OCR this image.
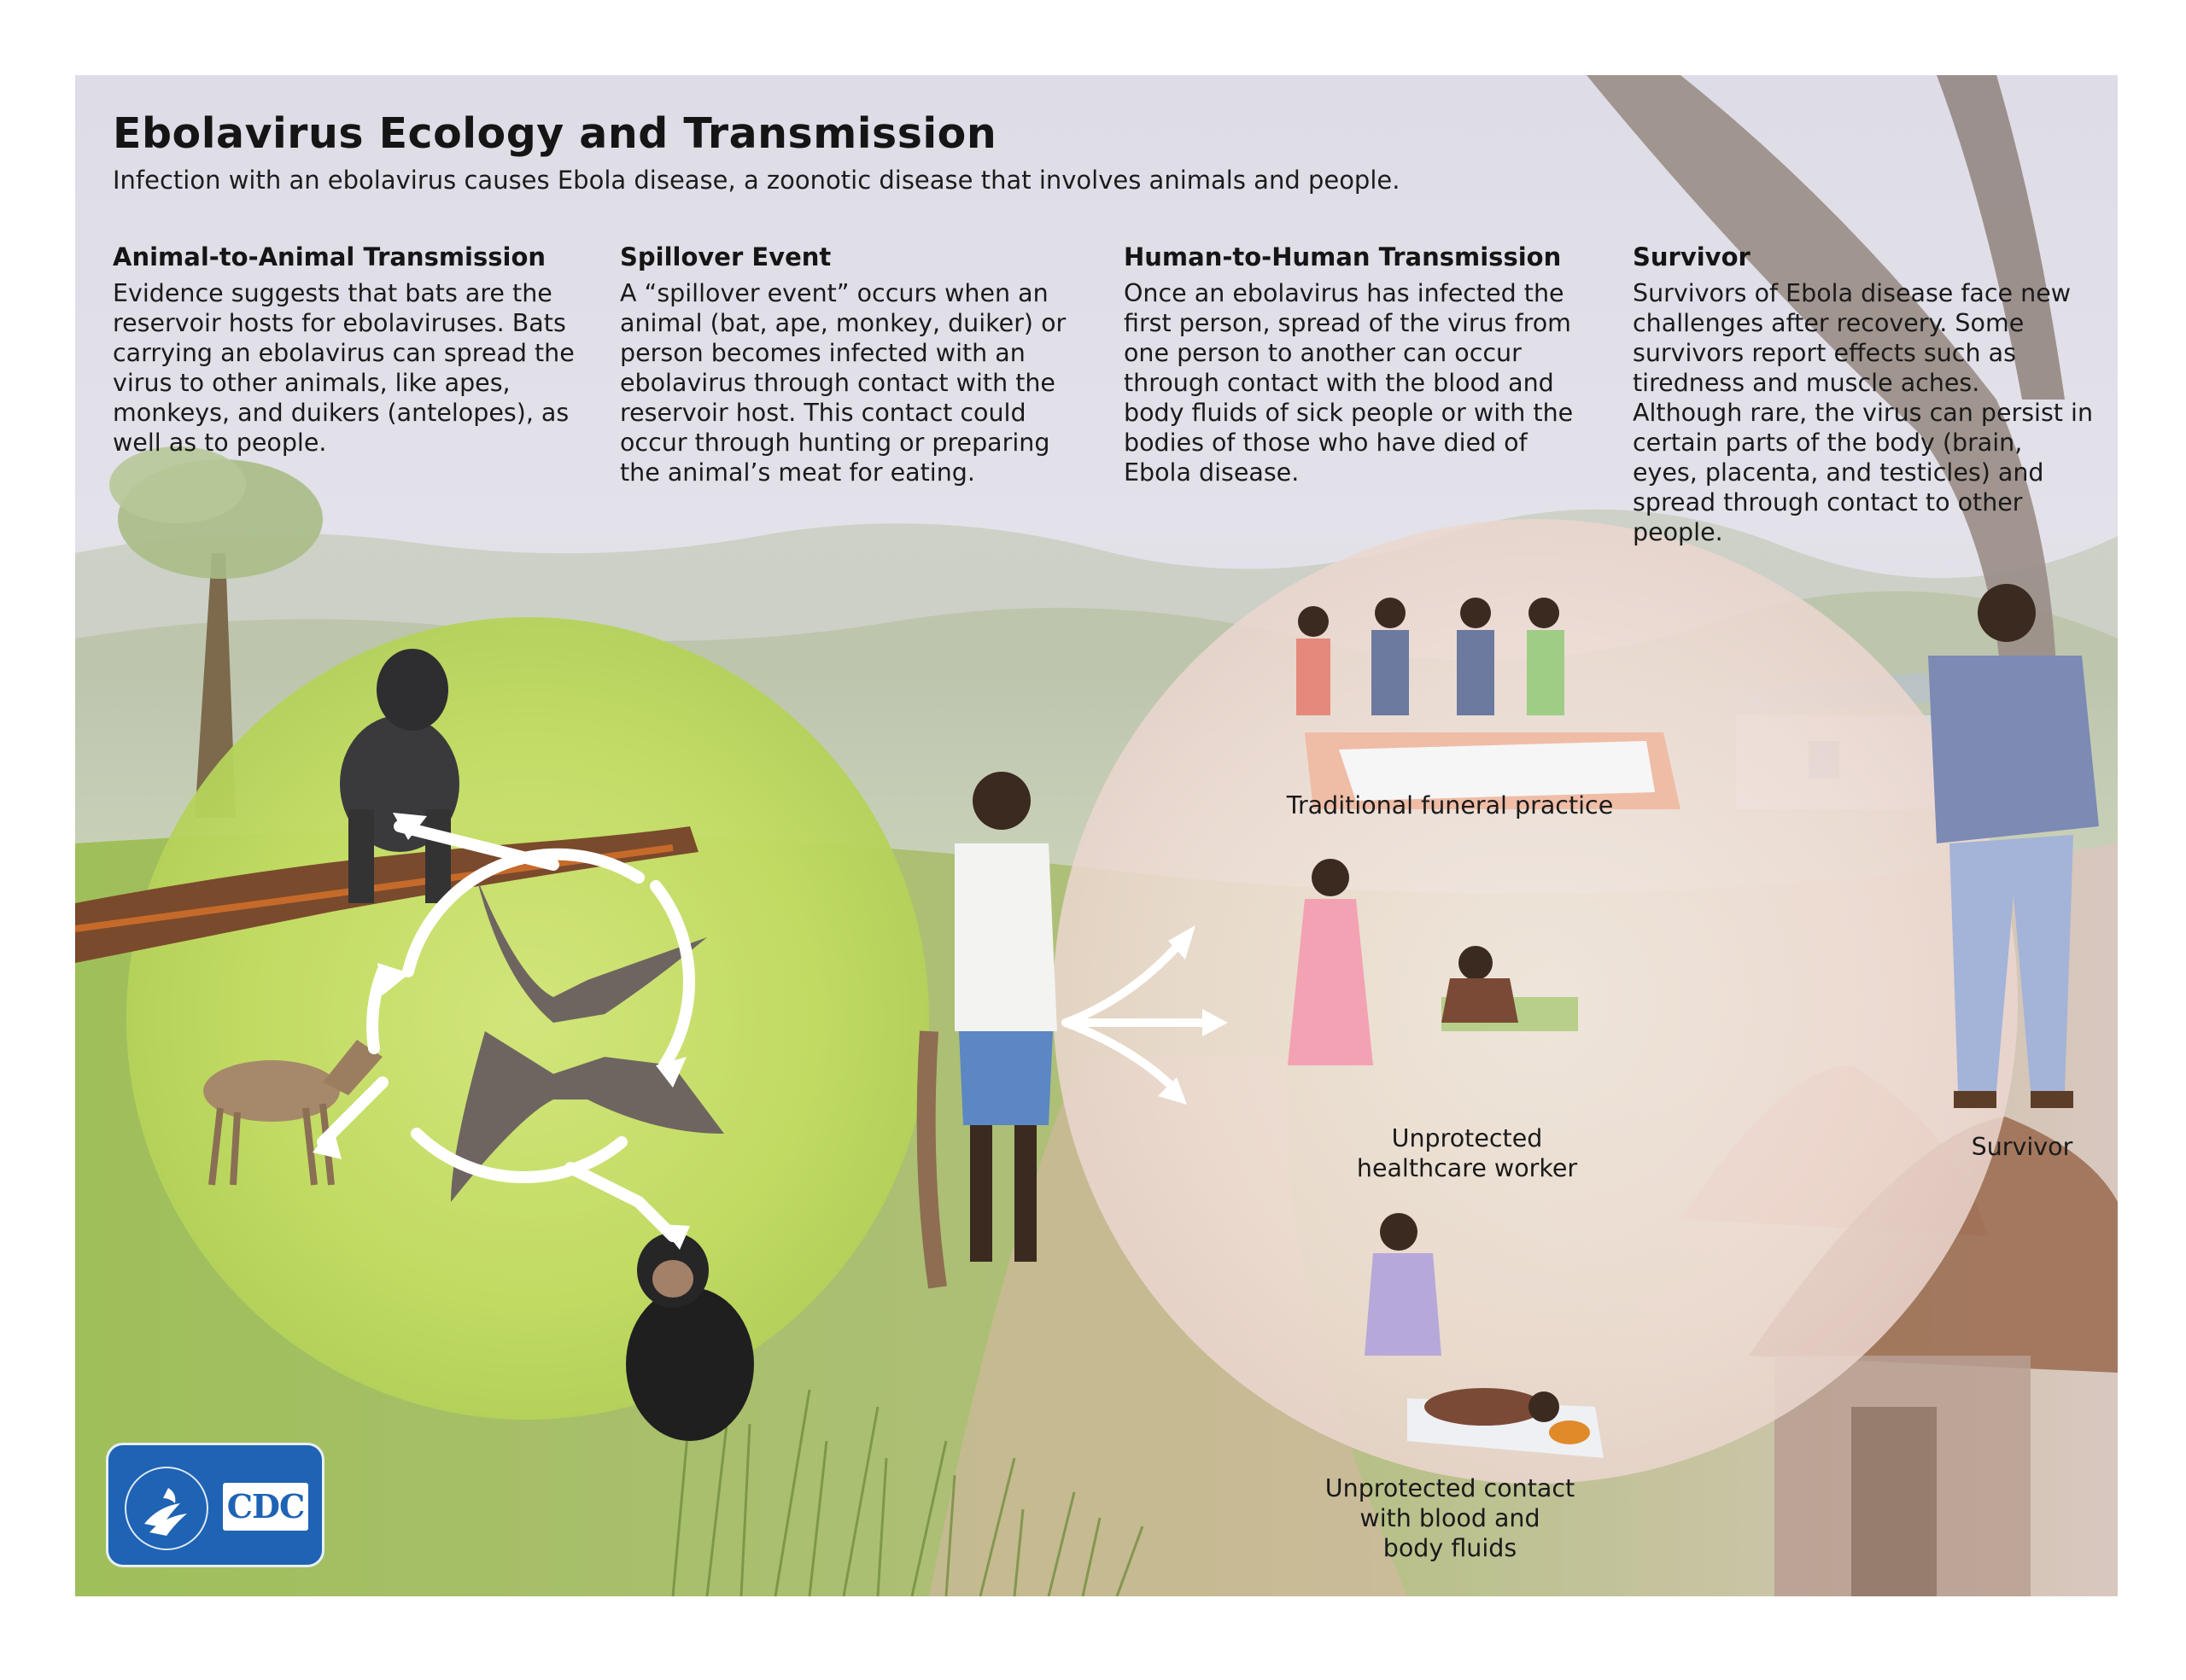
Ebolavirus Ecology and Transmission
Infection with an ebolavirus causes Ebola disease, a zoonotic disease that involves animals and people.
Animal-to-Animal Transmission

Evidence suggests that bats are the reservoir hosts for ebolaviruses. Bats carrying an ebolavirus can spread the virus to other animals, like apes, monkeys, and duikers (antelopes), as well as to people.

Spillover Event

A “spillover event” occurs when an animal (bat, ape, monkey, duiker) or person becomes infected with an ebolavirus through contact with the reservoir host. This contact could occur through hunting or preparing the animal’s meat for eating.

Human-to-Human Transmission

Once an ebolavirus has infected the first person, spread of the virus from one person to another can occur through contact with the blood and body fluids of sick people or with the bodies of those who have died of Ebola disease.

Survivor

Survivors of Ebola disease face new challenges after recovery. Some survivors report effects such as tiredness and muscle aches. Although rare, the virus can persist in certain parts of the body (brain, eyes, placenta, and testicles) and spread through contact to other people.

Traditional funeral practice
Unprotected
healthcare worker
Unprotected contact
with blood and
body fluids
Survivor
CDC
